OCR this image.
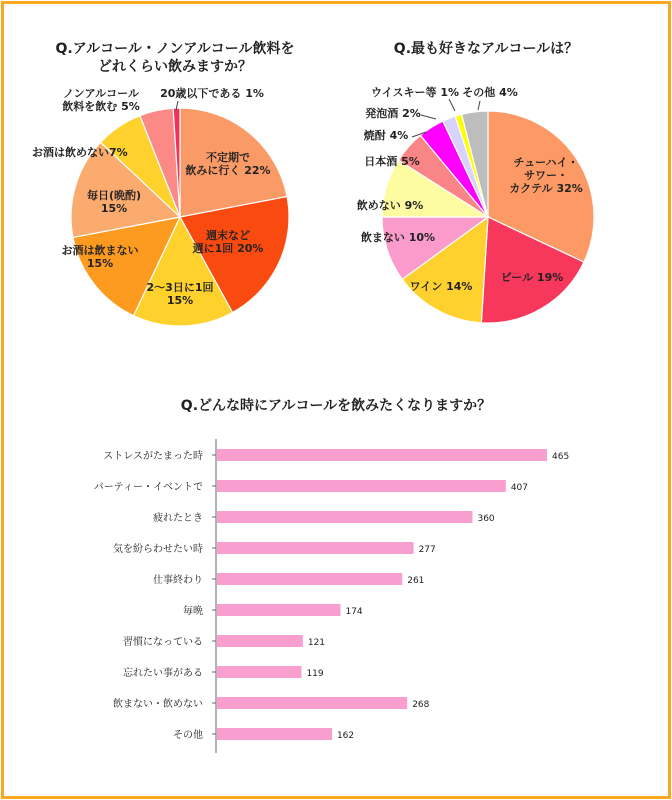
Q.アルコール・ノンアルコール飲料を
どれくらい飲みますか？
不定期で飲みに行く 22%
週末など週に1回 20%
2～3日に1回 15%
お酒は飲まない 15%
毎日(晩酌) 15%
お酒は飲めない7%
ノンアルコール飲料を飲む 5%
20歳以下である 1%
Q.最も好きなアルコールは？
チューハイ・サワー・カクテル 32%
ビール 19%
ワイン 14%
飲まない 10%
飲めない 9%
日本酒 5%
焼酎 4%
発泡酒 2%
ウイスキー等 1% その他 4%
Q.どんな時にアルコールを飲みたくなりますか？
ストレスがたまった時	465
パーティー・イベントで	407
疲れたとき	360
気を紛らわせたい時	277
仕事終わり	261
毎晩	174
習慣になっている	121
忘れたい事がある	119
飲まない・飲めない	268
その他	162
